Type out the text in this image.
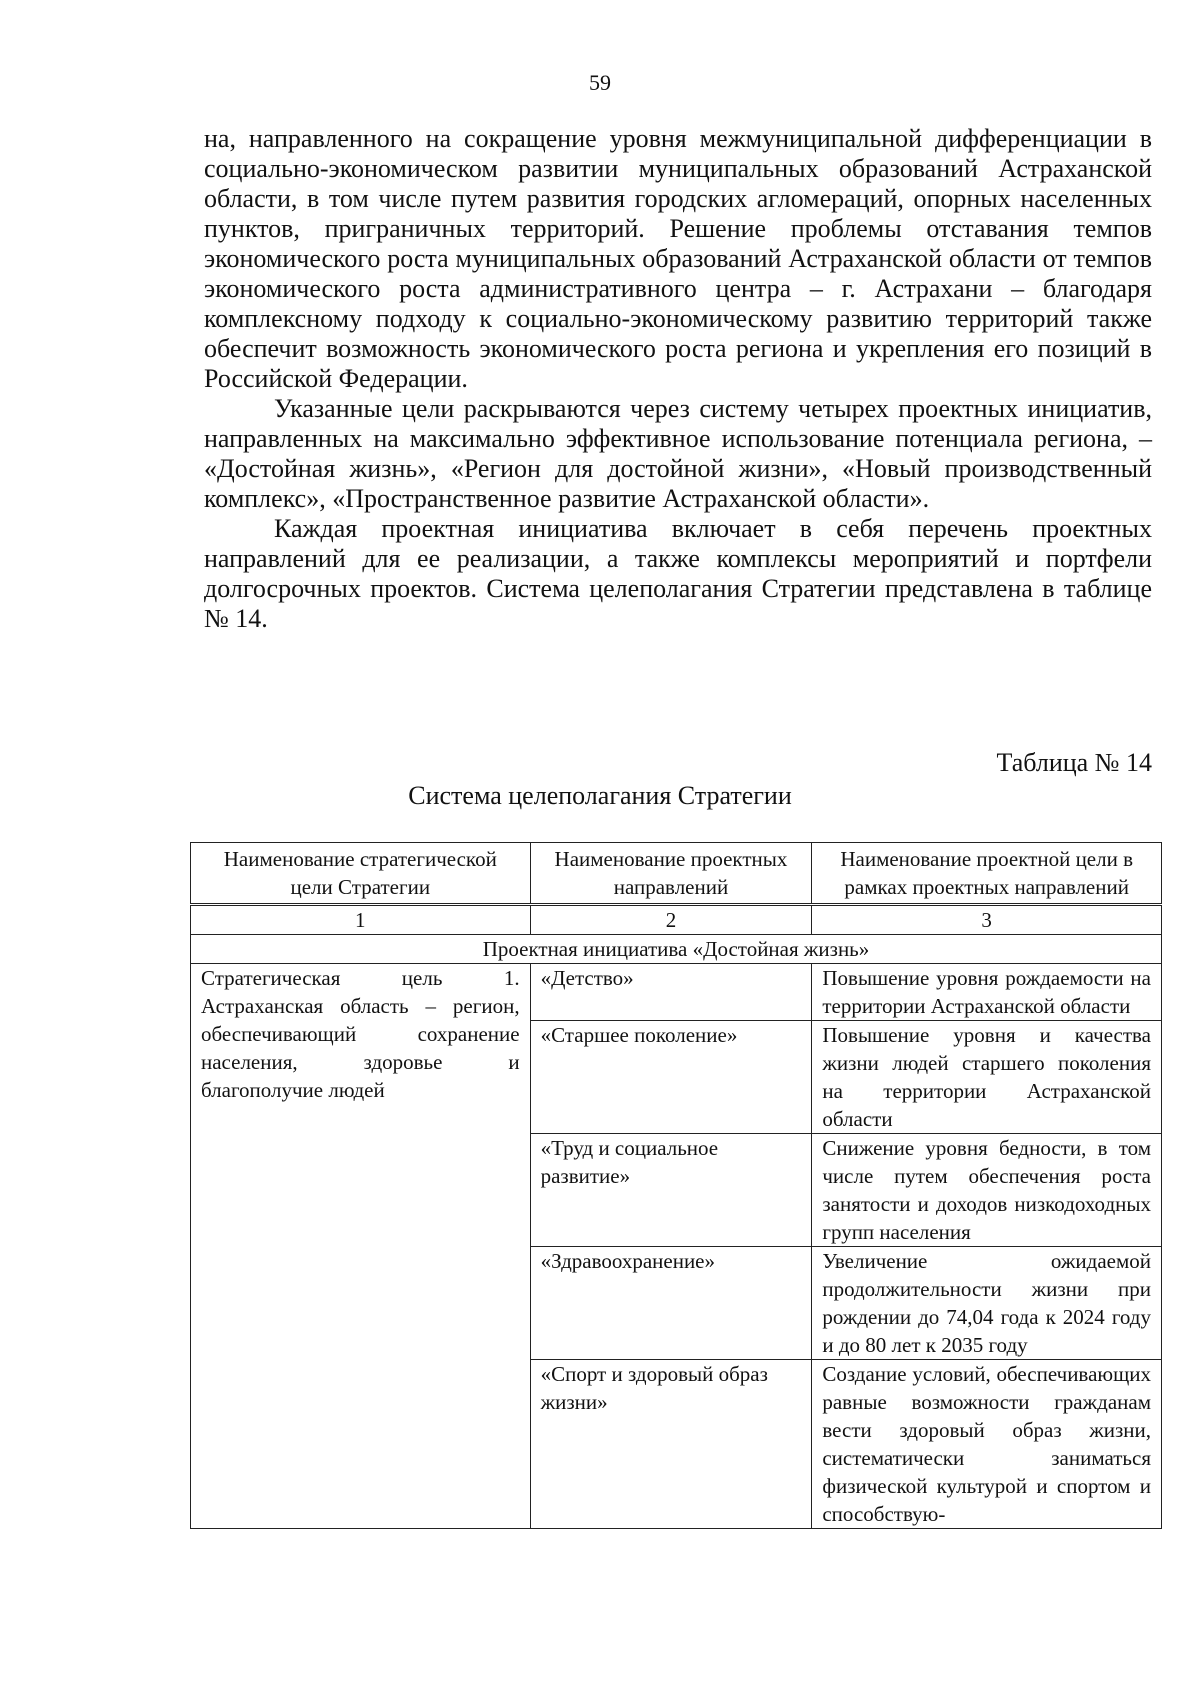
59

на, направленного на сокращение уровня межмуниципальной дифференциации в социально-экономическом развитии муниципальных образований Астраханской области, в том числе путем развития городских агломераций, опорных населенных пунктов, приграничных территорий. Решение проблемы отставания темпов экономического роста муниципальных образований Астраханской области от темпов экономического роста административного центра – г. Астрахани – благодаря комплексному подходу к социально-экономическому развитию территорий также обеспечит возможность экономического роста региона и укрепления его позиций в Российской Федерации.

Указанные цели раскрываются через систему четырех проектных инициатив, направленных на максимально эффективное использование потенциала региона, – «Достойная жизнь», «Регион для достойной жизни», «Новый производственный комплекс», «Пространственное развитие Астраханской области».

Каждая проектная инициатива включает в себя перечень проектных направлений для ее реализации, а также комплексы мероприятий и портфели долгосрочных проектов. Система целеполагания Стратегии представлена в таблице № 14.

Таблица № 14
Система целеполагания Стратегии
Наименование стратегической цели Стратегии	Наименование проектных направлений	Наименование проектной цели в рамках проектных направлений
1	2	3
Проектная инициатива «Достойная жизнь»		
Стратегическая цель 1. Астраханская область – регион, обеспечивающий сохранение населения, здоровье и благополучие людей	«Детство»	Повышение уровня рождаемости на территории Астраханской области
	«Старшее поколение»	Повышение уровня и качества жизни людей старшего поколения на территории Астраханской области
	«Труд и социальное развитие»	Снижение уровня бедности, в том числе путем обеспечения роста занятости и доходов низкодоходных групп населения
	«Здравоохранение»	Увеличение ожидаемой продолжительности жизни при рождении до 74,04 года к 2024 году и до 80 лет к 2035 году
	«Спорт и здоровый образ жизни»	Создание условий, обеспечивающих равные возможности гражданам вести здоровый образ жизни, систематически заниматься физической культурой и спортом и способствую-
